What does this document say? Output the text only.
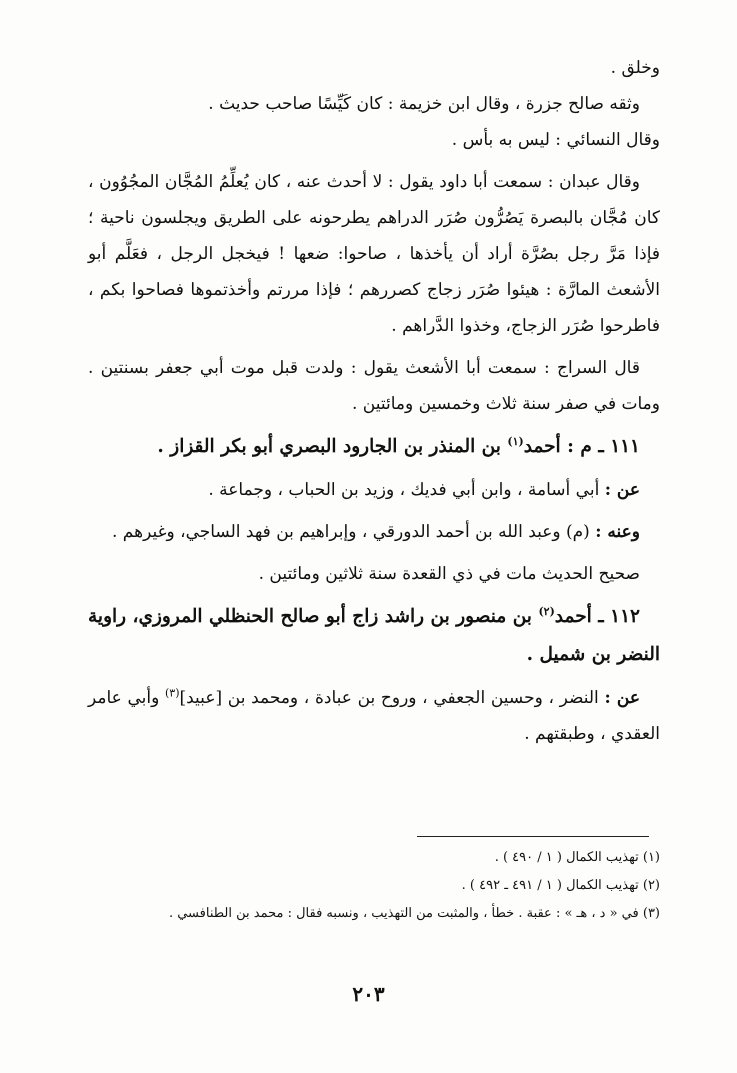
وخلق .

وثقه صالح جزرة ، وقال ابن خزيمة : كان كَيِّسًا صاحب حديث .

وقال النسائي : ليس به بأس .

وقال عبدان : سمعت أبا داود يقول : لا أحدث عنه ، كان يُعلِّمُ المُجَّان المجُوُون ، كان مُجَّان بالبصرة يَصُرُّون صُرَر الدراهم يطرحونه على الطريق ويجلسون ناحية ؛ فإذا مَرَّ رجل بصُرَّة أراد أن يأخذها ، صاحوا: ضعها ! فيخجل الرجل ، فعَلَّم أبو الأشعث المارَّة : هيئوا صُرَر زجاج كصررهم ؛ فإذا مررتم وأخذتموها فصاحوا بكم ، فاطرحوا صُرَر الزجاج، وخذوا الدَّراهم .

قال السراج : سمعت أبا الأشعث يقول : ولدت قبل موت أبي جعفر بسنتين . ومات في صفر سنة ثلاث وخمسين ومائتين .

١١١ ـ م : أحمد$^{(١)}$ بن المنذر بن الجارود البصري أبو بكر القزاز .

عن : أبي أسامة ، وابن أبي فديك ، وزيد بن الحباب ، وجماعة .

وعنه : (م) وعبد الله بن أحمد الدورقي ، وإبراهيم بن فهد الساجي، وغيرهم .

صحيح الحديث مات في ذي القعدة سنة ثلاثين ومائتين .

١١٢ ـ أحمد$^{(٢)}$ بن منصور بن راشد زاج أبو صالح الحنظلي المروزي، راوية النضر بن شميل .

عن : النضر ، وحسين الجعفي ، وروح بن عبادة ، ومحمد بن [عبيد]$^{(٣)}$ وأبي عامر العقدي ، وطبقتهم .

(١) تهذيب الكمال ( ١ / ٤٩٠ ) .

(٢) تهذيب الكمال ( ١ / ٤٩١ ـ ٤٩٢ ) .

(٣) في « د ، هـ » : عقبة . خطأ ، والمثبت من التهذيب ، ونسبه فقال : محمد بن الطنافسي .

٢٠٣
